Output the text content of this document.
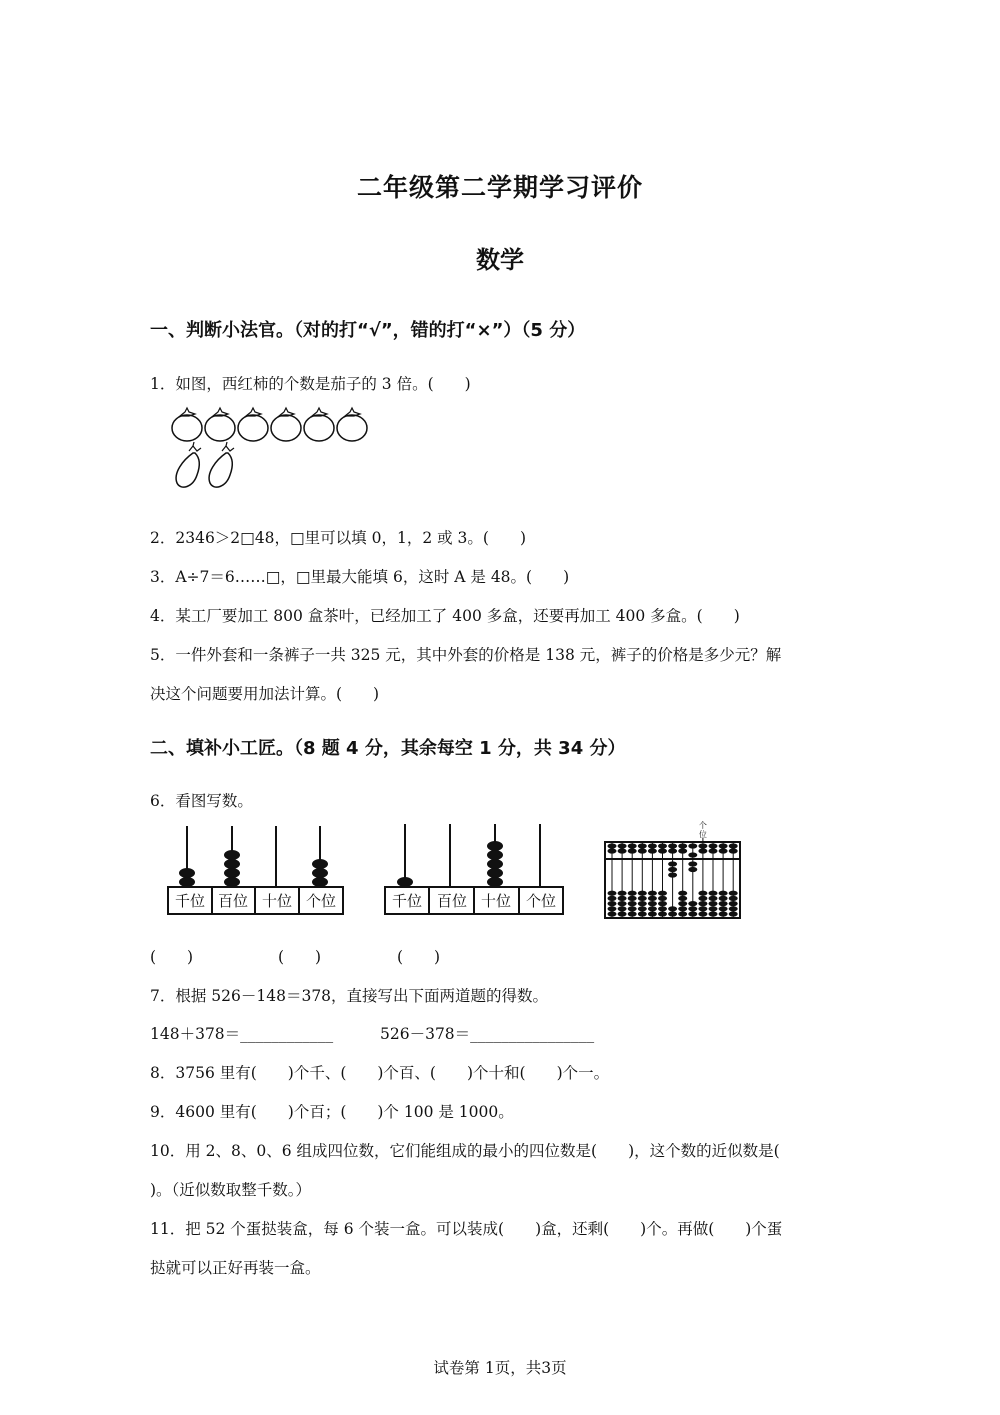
二年级第二学期学习评价
数学
一、判断小法官。（对的打“√”，错的打“×”）（5 分）
1．如图，西红柿的个数是茄子的 3 倍。(　　)
2．2346＞2□48，□里可以填 0，1，2 或 3。(　　)
3．A÷7＝6……□，□里最大能填 6，这时 A 是 48。(　　)
4．某工厂要加工 800 盒茶叶，已经加工了 400 多盒，还要再加工 400 多盒。(　　)
5．一件外套和一条裤子一共 325 元，其中外套的价格是 138 元，裤子的价格是多少元？解
决这个问题要用加法计算。(　　)
二、填补小工匠。（8 题 4 分，其余每空 1 分，共 34 分）
6．看图写数。
千位 百位 十位 个位	千位 百位 十位 个位
个
位
(　　)	(　　)	(　　)
7．根据 526－148＝378，直接写出下面两道题的得数。
148＋378＝____________	526－378＝________________
8．3756 里有(　　)个千、(　　)个百、(　　)个十和(　　)个一。
9．4600 里有(　　)个百；(　　)个 100 是 1000。
10．用 2、8、0、6 组成四位数，它们能组成的最小的四位数是(　　)，这个数的近似数是(
)。（近似数取整千数。）
11．把 52 个蛋挞装盒，每 6 个装一盒。可以装成(　　)盒，还剩(　　)个。再做(　　)个蛋
挞就可以正好再装一盒。
试卷第 1页，共3页
